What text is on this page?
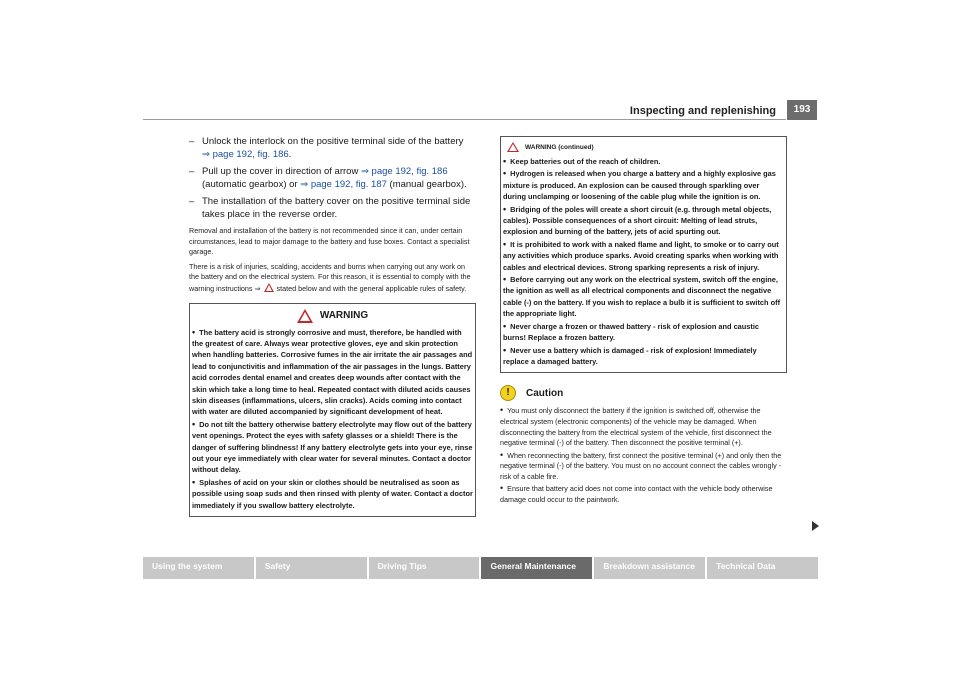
Inspecting and replenishing	193
– Unlock the interlock on the positive terminal side of the battery
⇒ page 192, fig. 186.
– Pull up the cover in direction of arrow ⇒ page 192, fig. 186 (automatic gearbox) or ⇒ page 192, fig. 187 (manual gearbox).
– The installation of the battery cover on the positive terminal side takes place in the reverse order.

Removal and installation of the battery is not recommended since it can, under certain circumstances, lead to major damage to the battery and fuse boxes. Contact a specialist garage.

There is a risk of injuries, scalding, accidents and burns when carrying out any work on the battery and on the electrical system. For this reason, it is essential to comply with the warning instructions ⇒ stated below and with the general applicable rules of safety.

WARNING
• The battery acid is strongly corrosive and must, therefore, be handled with the greatest of care. Always wear protective gloves, eye and skin protection when handling batteries. Corrosive fumes in the air irritate the air passages and lead to conjunctivitis and inflammation of the air passages in the lungs. Battery acid corrodes dental enamel and creates deep wounds after contact with the skin which take a long time to heal. Repeated contact with diluted acids causes skin diseases (inflammations, ulcers, slin cracks). Acids coming into contact with water are diluted accompanied by significant development of heat.
• Do not tilt the battery otherwise battery electrolyte may flow out of the battery vent openings. Protect the eyes with safety glasses or a shield! There is the danger of suffering blindness! If any battery electrolyte gets into your eye, rinse out your eye immediately with clear water for several minutes. Contact a doctor without delay.
• Splashes of acid on your skin or clothes should be neutralised as soon as possible using soap suds and then rinsed with plenty of water. Contact a doctor immediately if you swallow battery electrolyte.
WARNING (continued)
• Keep batteries out of the reach of children.
• Hydrogen is released when you charge a battery and a highly explosive gas mixture is produced. An explosion can be caused through sparkling over during unclamping or loosening of the cable plug while the ignition is on.
• Bridging of the poles will create a short circuit (e.g. through metal objects, cables). Possible consequences of a short circuit: Melting of lead struts, explosion and burning of the battery, jets of acid spurting out.
• It is prohibited to work with a naked flame and light, to smoke or to carry out any activities which produce sparks. Avoid creating sparks when working with cables and electrical devices. Strong sparking represents a risk of injury.
• Before carrying out any work on the electrical system, switch off the engine, the ignition as well as all electrical components and disconnect the negative cable (-) on the battery. If you wish to replace a bulb it is sufficient to switch off the appropriate light.
• Never charge a frozen or thawed battery - risk of explosion and caustic burns! Replace a frozen battery.
• Never use a battery which is damaged - risk of explosion! Immediately replace a damaged battery.
!	Caution
• You must only disconnect the battery if the ignition is switched off, otherwise the electrical system (electronic components) of the vehicle may be damaged. When disconnecting the battery from the electrical system of the vehicle, first disconnect the negative terminal (-) of the battery. Then disconnect the positive terminal (+).
• When reconnecting the battery, first connect the positive terminal (+) and only then the negative terminal (-) of the battery. You must on no account connect the cables wrongly - risk of a cable fire.
• Ensure that battery acid does not come into contact with the vehicle body otherwise damage could occur to the paintwork.
Using the system	Safety	Driving Tips	General Maintenance	Breakdown assistance	Technical Data
